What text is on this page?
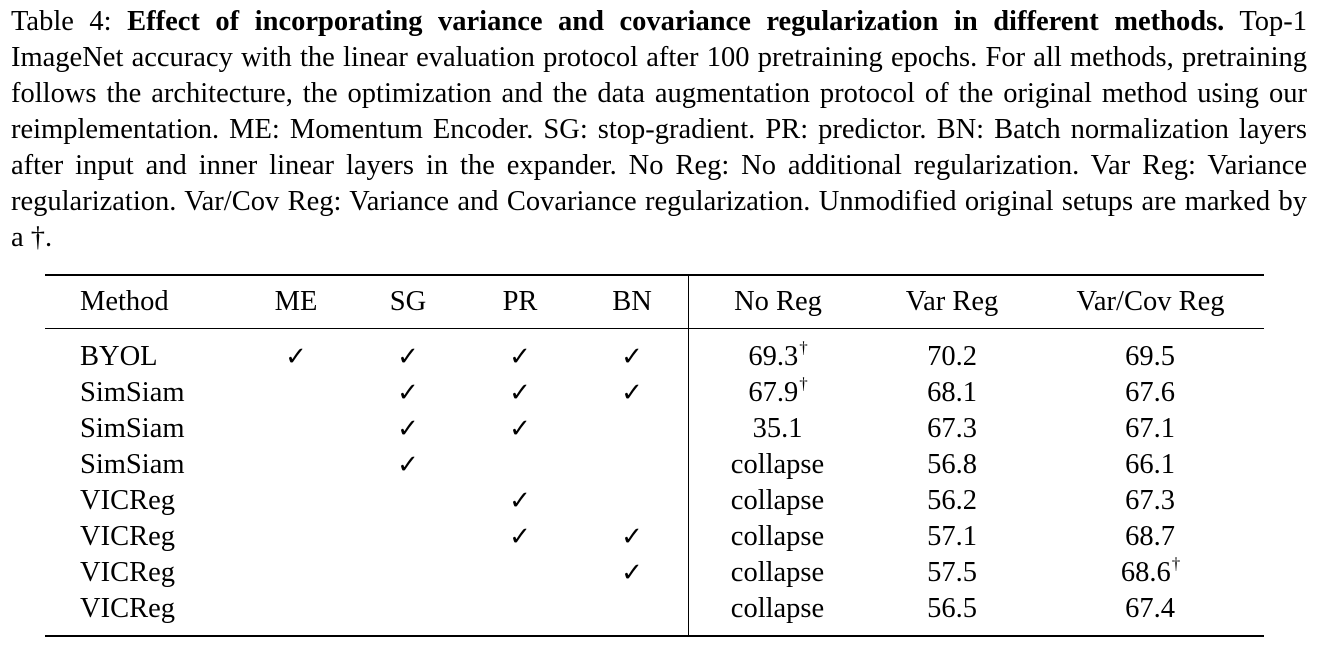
Table 4: Effect of incorporating variance and covariance regularization in different methods. Top-1 ImageNet accuracy with the linear evaluation protocol after 100 pretraining epochs. For all methods, pretraining follows the architecture, the optimization and the data augmentation protocol of the original method using our reimplementation. ME: Momentum Encoder. SG: stop-gradient. PR: predictor. BN: Batch normalization layers after input and inner linear layers in the expander. No Reg: No additional regularization. Var Reg: Variance regularization. Var/Cov Reg: Variance and Covariance regularization. Unmodified original setups are marked by a †.
Method	ME	SG	PR	BN	No Reg	Var Reg	Var/Cov Reg
BYOL	✓	✓	✓	✓	69.3†	70.2	69.5
SimSiam		✓	✓	✓	67.9†	68.1	67.6
SimSiam		✓	✓		35.1	67.3	67.1
SimSiam		✓			collapse	56.8	66.1
VICReg			✓		collapse	56.2	67.3
VICReg			✓	✓	collapse	57.1	68.7
VICReg				✓	collapse	57.5	68.6†
VICReg					collapse	56.5	67.4
